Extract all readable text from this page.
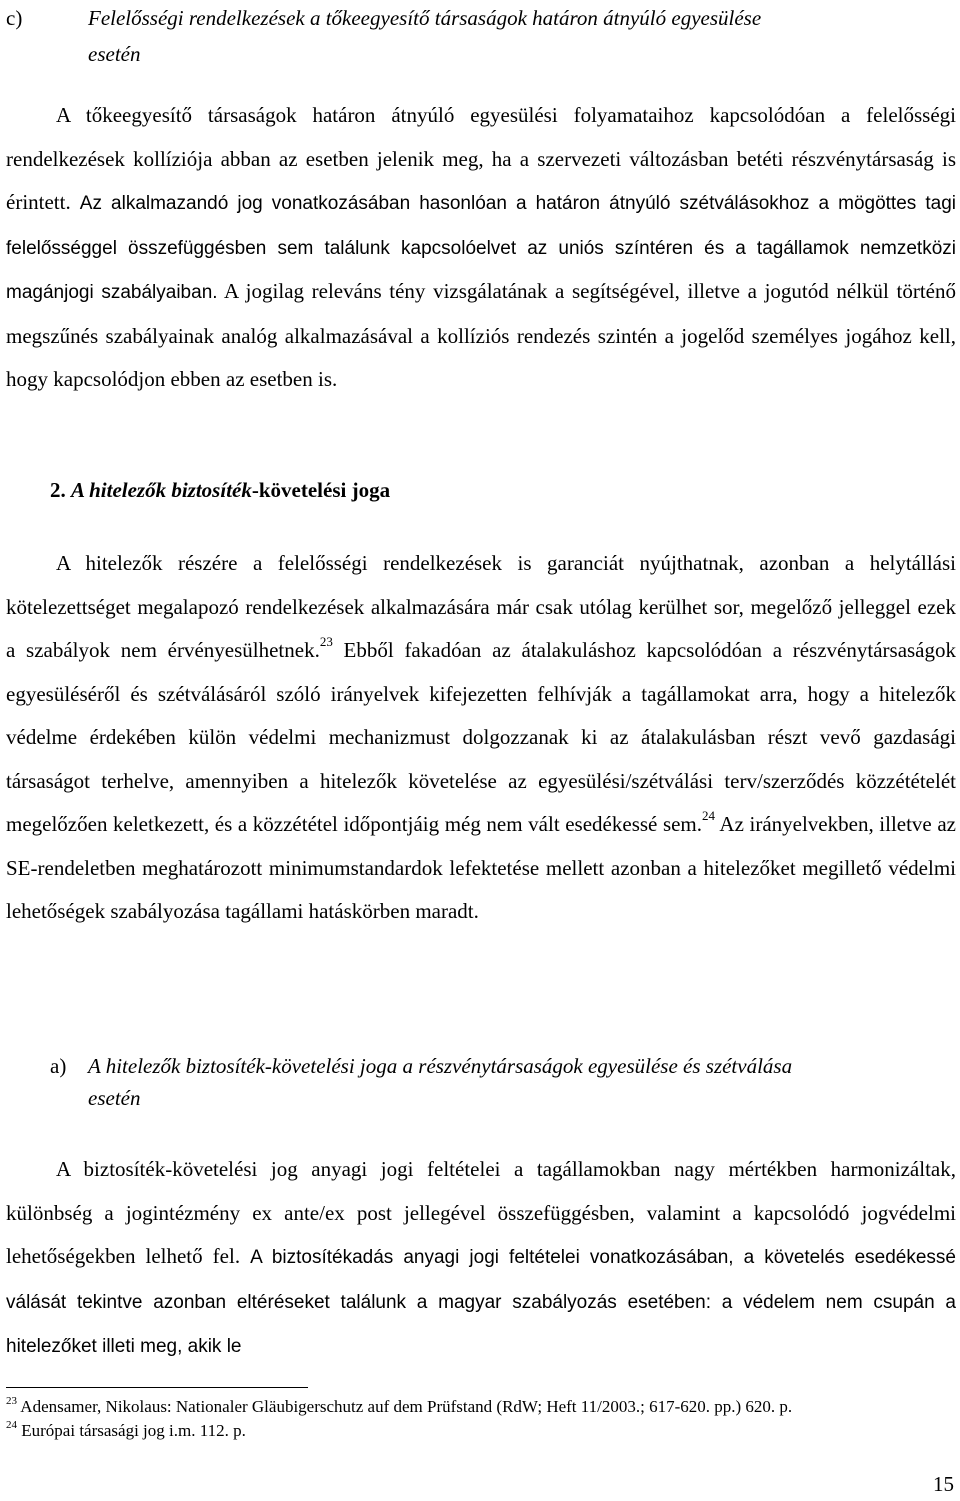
c)	Felelősségi rendelkezések a tőkeegyesítő társaságok határon átnyúló egyesülése
esetén
A tőkeegyesítő társaságok határon átnyúló egyesülési folyamataihoz kapcsolódóan a felelősségi rendelkezések kollíziója abban az esetben jelenik meg, ha a szervezeti változásban betéti részvénytársaság is érintett. Az alkalmazandó jog vonatkozásában hasonlóan a határon átnyúló szétválásokhoz a mögöttes tagi felelősséggel összefüggésben sem találunk kapcsolóelvet az uniós színtéren és a tagállamok nemzetközi magánjogi szabályaiban. A jogilag releváns tény vizsgálatának a segítségével, illetve a jogutód nélkül történő megszűnés szabályainak analóg alkalmazásával a kollíziós rendezés szintén a jogelőd személyes jogához kell, hogy kapcsolódjon ebben az esetben is.
2. A hitelezők biztosíték-követelési joga
A hitelezők részére a felelősségi rendelkezések is garanciát nyújthatnak, azonban a helytállási kötelezettséget megalapozó rendelkezések alkalmazására már csak utólag kerülhet sor, megelőző jelleggel ezek a szabályok nem érvényesülhetnek.$^{23}$ Ebből fakadóan az átalakuláshoz kapcsolódóan a részvénytársaságok egyesüléséről és szétválásáról szóló irányelvek kifejezetten felhívják a tagállamokat arra, hogy a hitelezők védelme érdekében külön védelmi mechanizmust dolgozzanak ki az átalakulásban részt vevő gazdasági társaságot terhelve, amennyiben a hitelezők követelése az egyesülési/szétválási terv/szerződés közzétételét megelőzően keletkezett, és a közzététel időpontjáig még nem vált esedékessé sem.$^{24}$ Az irányelvekben, illetve az SE-rendeletben meghatározott minimumstandardok lefektetése mellett azonban a hitelezőket megillető védelmi lehetőségek szabályozása tagállami hatáskörben maradt.
a) A hitelezők biztosíték-követelési joga a részvénytársaságok egyesülése és szétválása
esetén
A biztosíték-követelési jog anyagi jogi feltételei a tagállamokban nagy mértékben harmonizáltak, különbség a jogintézmény ex ante/ex post jellegével összefüggésben, valamint a kapcsolódó jogvédelmi lehetőségekben lelhető fel. A biztosítékadás anyagi jogi feltételei vonatkozásában, a követelés esedékessé válását tekintve azonban eltéréseket találunk a magyar szabályozás esetében: a védelem nem csupán a hitelezőket illeti meg, akik le
$^{23}$ Adensamer, Nikolaus: Nationaler Gläubigerschutz auf dem Prüfstand (RdW; Heft 11/2003.; 617-620. pp.) 620. p.
$^{24}$ Európai társasági jog i.m. 112. p.
15
